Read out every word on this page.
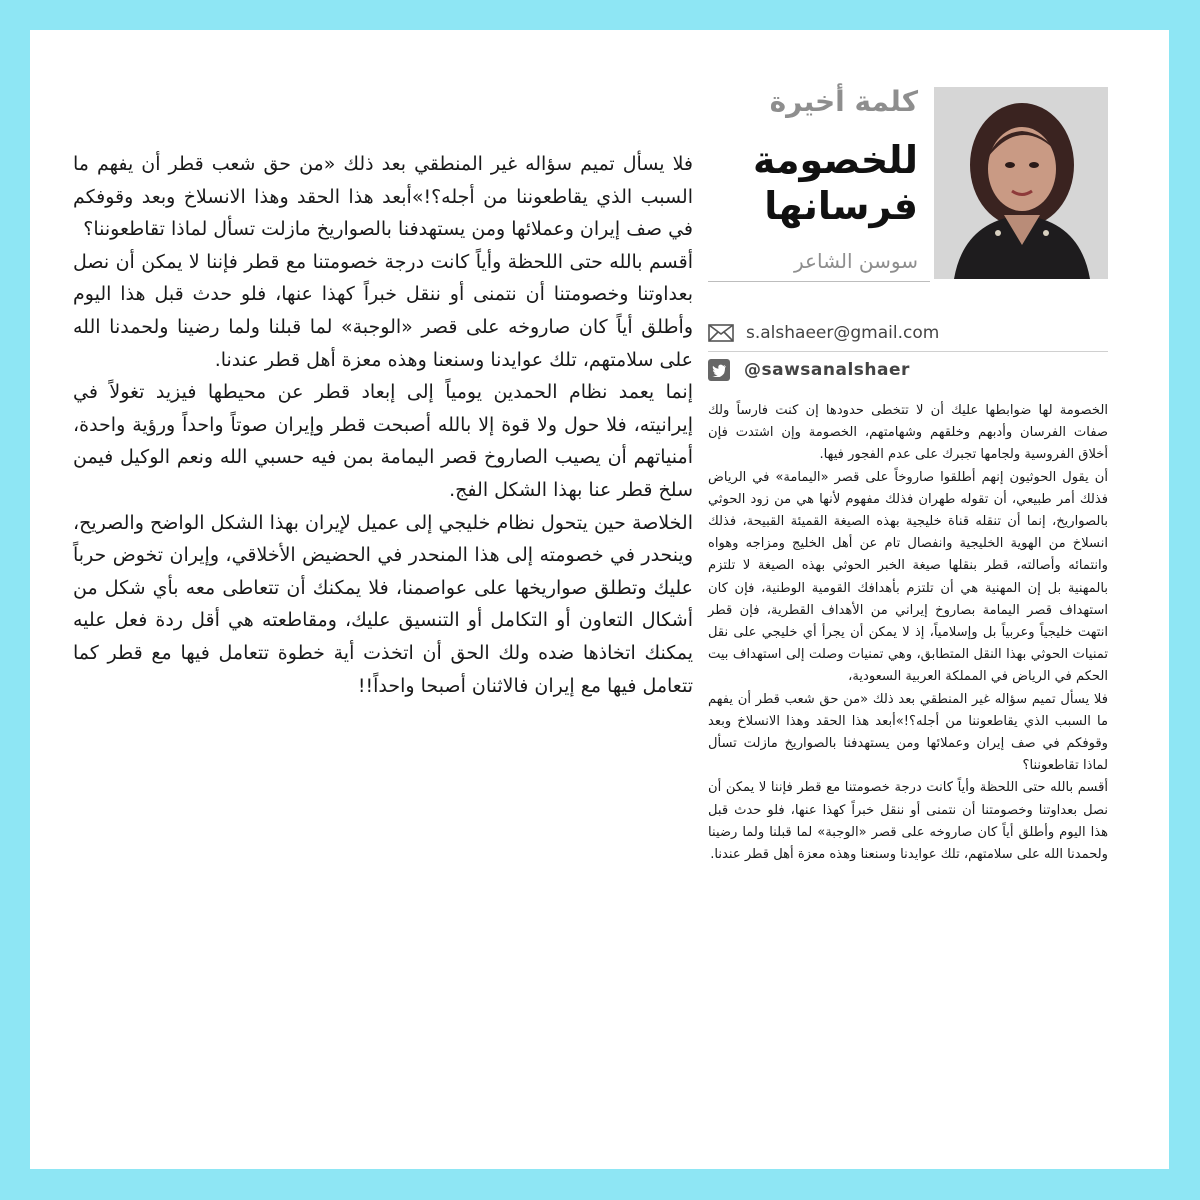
كلمة أخيرة
للخصومة فرسانها
سوسن الشاعر
s.alshaeer@gmail.com
@sawsanalshaer

الخصومة لها ضوابطها عليك أن لا تتخطى حدودها إن كنت فارساً ولك صفات الفرسان وأدبهم وخلقهم وشهامتهم، الخصومة وإن اشتدت فإن أخلاق الفروسية ولجامها تجبرك على عدم الفجور فيها.

أن يقول الحوثيون إنهم أطلقوا صاروخاً على قصر «اليمامة» في الرياض فذلك أمر طبيعي، أن تقوله طهران فذلك مفهوم لأنها هي من زود الحوثي بالصواريخ، إنما أن تنقله قناة خليجية بهذه الصيغة القميئة القبيحة، فذلك انسلاخ من الهوية الخليجية وانفصال تام عن أهل الخليج ومزاجه وهواه وانتمائه وأصالته، قطر بنقلها صيغة الخبر الحوثي بهذه الصيغة لا تلتزم بالمهنية بل إن المهنية هي أن تلتزم بأهدافك القومية الوطنية، فإن كان استهداف قصر اليمامة بصاروخ إيراني من الأهداف القطرية، فإن قطر انتهت خليجياً وعربياً بل وإسلامياً، إذ لا يمكن أن يجرأ أي خليجي على نقل تمنيات الحوثي بهذا النقل المتطابق، وهي تمنيات وصلت إلى استهداف بيت الحكم في الرياض في المملكة العربية السعودية،

فلا يسأل تميم سؤاله غير المنطقي بعد ذلك «من حق شعب قطر أن يفهم ما السبب الذي يقاطعوننا من أجله؟!»أبعد هذا الحقد وهذا الانسلاخ وبعد وقوفكم في صف إيران وعملائها ومن يستهدفنا بالصواريخ مازلت تسأل لماذا تقاطعوننا؟

أقسم بالله حتى اللحظة وأياً كانت درجة خصومتنا مع قطر فإننا لا يمكن أن نصل بعداوتنا وخصومتنا أن نتمنى أو ننقل خبراً كهذا عنها، فلو حدث قبل هذا اليوم وأطلق أياً كان صاروخه على قصر «الوجبة» لما قبلنا ولما رضينا ولحمدنا الله على سلامتهم، تلك عوايدنا وسنعنا وهذه معزة أهل قطر عندنا.

فلا يسأل تميم سؤاله غير المنطقي بعد ذلك «من حق شعب قطر أن يفهم ما السبب الذي يقاطعوننا من أجله؟!»أبعد هذا الحقد وهذا الانسلاخ وبعد وقوفكم في صف إيران وعملائها ومن يستهدفنا بالصواريخ مازلت تسأل لماذا تقاطعوننا؟

أقسم بالله حتى اللحظة وأياً كانت درجة خصومتنا مع قطر فإننا لا يمكن أن نصل بعداوتنا وخصومتنا أن نتمنى أو ننقل خبراً كهذا عنها، فلو حدث قبل هذا اليوم وأطلق أياً كان صاروخه على قصر «الوجبة» لما قبلنا ولما رضينا ولحمدنا الله على سلامتهم، تلك عوايدنا وسنعنا وهذه معزة أهل قطر عندنا.

إنما يعمد نظام الحمدين يومياً إلى إبعاد قطر عن محيطها فيزيد تغولاً في إيرانيته، فلا حول ولا قوة إلا بالله أصبحت قطر وإيران صوتاً واحداً ورؤية واحدة، أمنياتهم أن يصيب الصاروخ قصر اليمامة بمن فيه حسبي الله ونعم الوكيل فيمن سلخ قطر عنا بهذا الشكل الفج.

الخلاصة حين يتحول نظام خليجي إلى عميل لإيران بهذا الشكل الواضح والصريح، وينحدر في خصومته إلى هذا المنحدر في الحضيض الأخلاقي، وإيران تخوض حرباً عليك وتطلق صواريخها على عواصمنا، فلا يمكنك أن تتعاطى معه بأي شكل من أشكال التعاون أو التكامل أو التنسيق عليك، ومقاطعته هي أقل ردة فعل عليه يمكنك اتخاذها ضده ولك الحق أن اتخذت أية خطوة تتعامل فيها مع قطر كما تتعامل فيها مع إيران فالاثنان أصبحا واحداً!!
